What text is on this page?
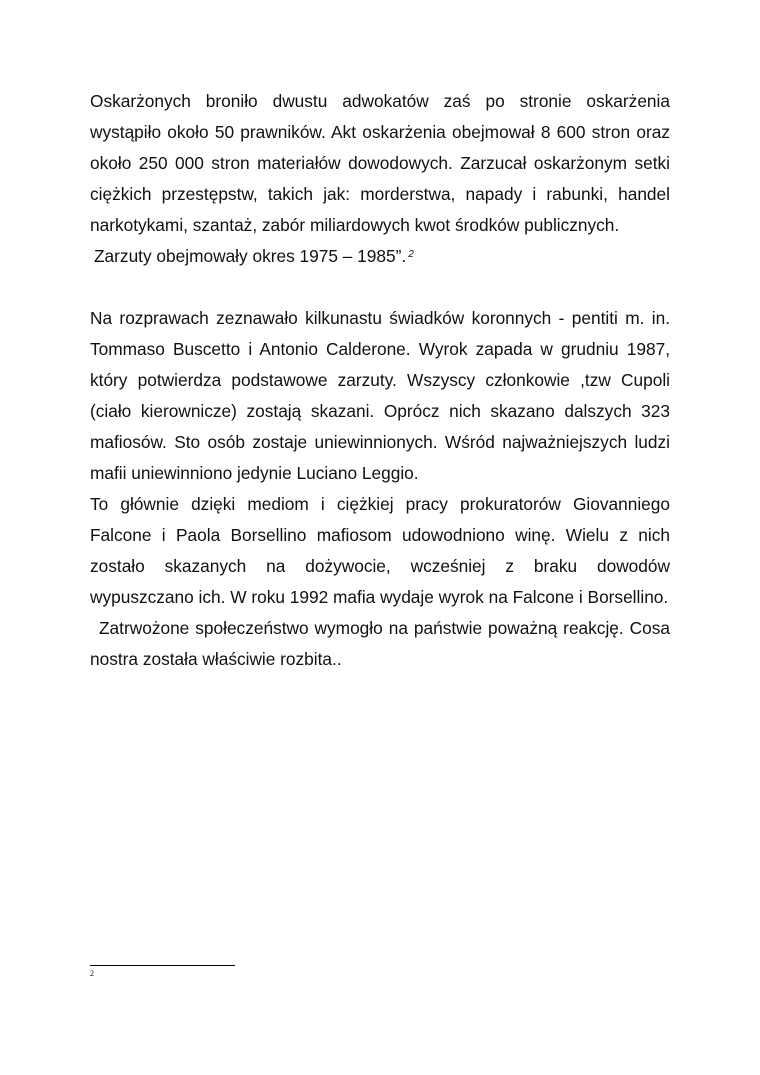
Oskarżonych broniło dwustu adwokatów zaś po stronie oskarżenia wystąpiło około 50 prawników. Akt oskarżenia obejmował 8 600 stron oraz około 250 000 stron materiałów dowodowych. Zarzucał oskarżonym setki ciężkich przestępstw, takich jak: morderstwa, napady i rabunki, handel narkotykami, szantaż, zabór miliardowych kwot środków publicznych.

Zarzuty obejmowały okres 1975 – 1985”. $^2$

Na rozprawach zeznawało kilkunastu świadków koronnych - pentiti m. in. Tommaso Buscetto i Antonio Calderone. Wyrok zapada w grudniu 1987, który potwierdza podstawowe zarzuty. Wszyscy członkowie ,tzw Cupoli (ciało kierownicze) zostają skazani. Oprócz nich skazano dalszych 323 mafiosów. Sto osób zostaje uniewinnionych. Wśród najważniejszych ludzi mafii uniewinniono jedynie Luciano Leggio.

To głównie dzięki mediom i ciężkiej pracy prokuratorów Giovanniego Falcone i Paola Borsellino mafiosom udowodniono winę. Wielu z nich zostało skazanych na dożywocie, wcześniej z braku dowodów wypuszczano ich. W roku 1992 mafia wydaje wyrok na Falcone i Borsellino.

Zatrwożone społeczeństwo wymogło na państwie poważną reakcję. Cosa nostra została właściwie rozbita..

2
